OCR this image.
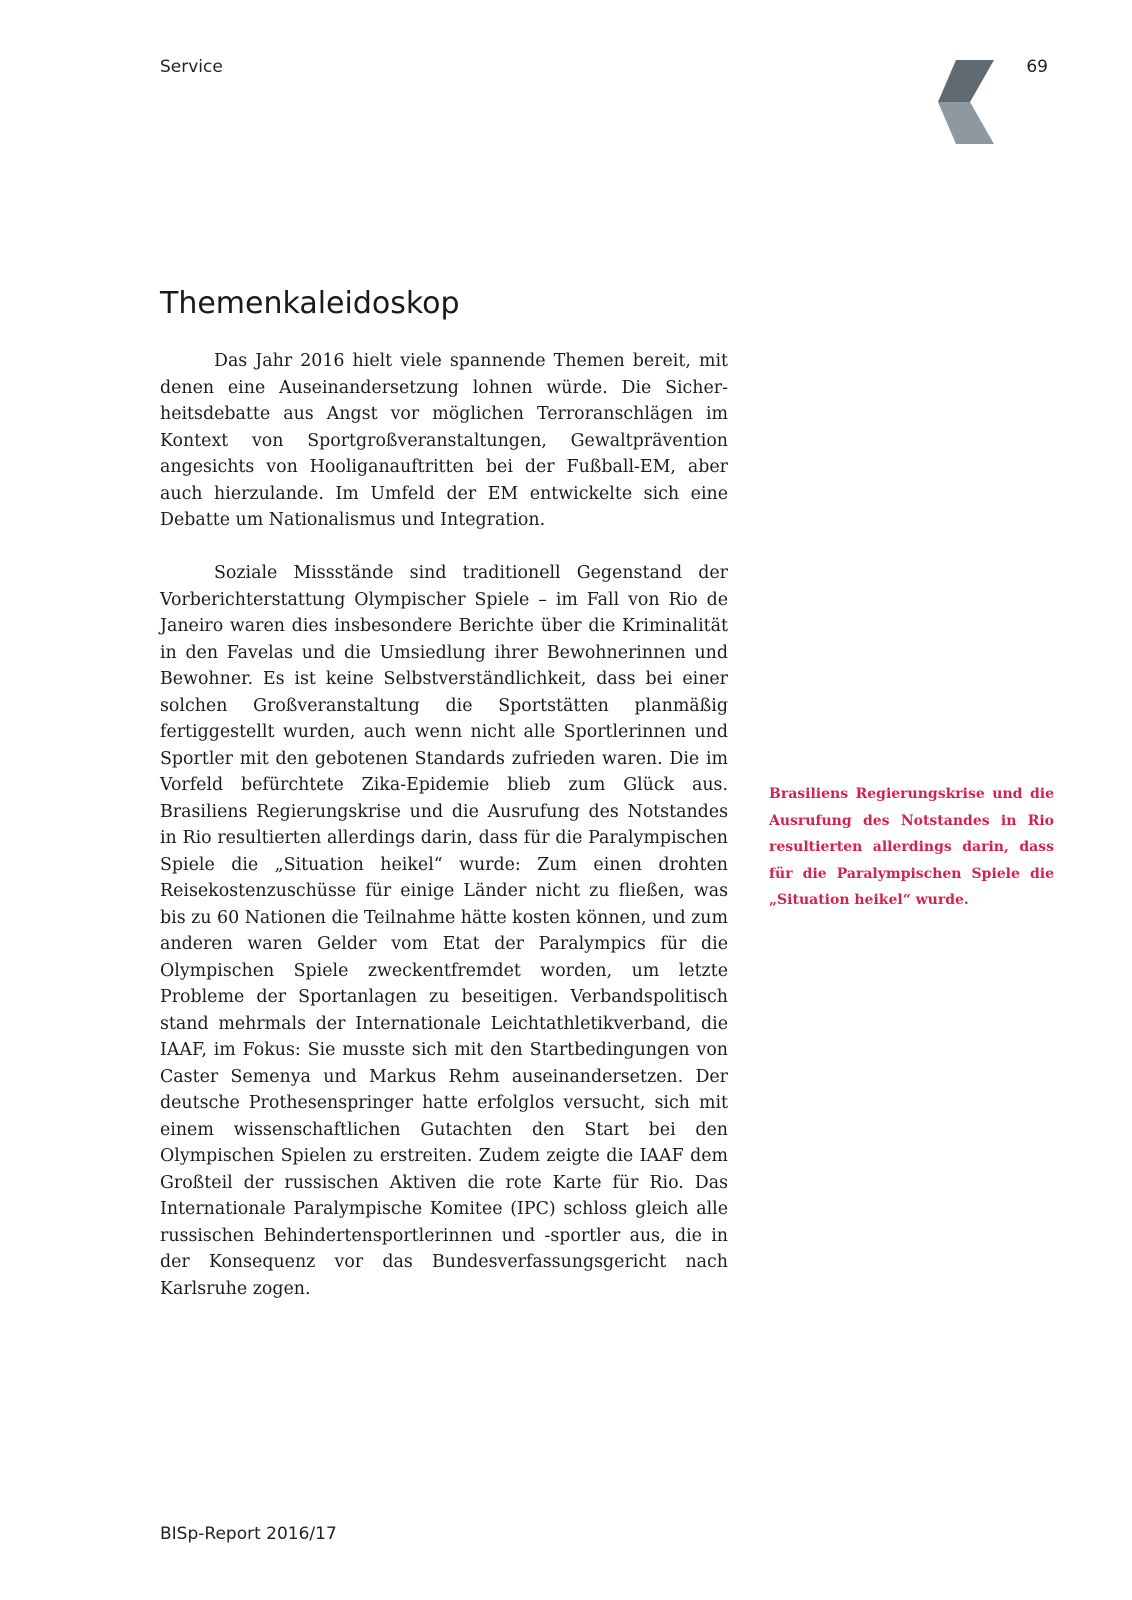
Service	69
Themenkaleidoskop

Das Jahr 2016 hielt viele spannende Themen bereit, mit denen eine Auseinandersetzung lohnen würde. Die Sicherheitsdebatte aus Angst vor möglichen Terroranschlägen im Kontext von Sportgroßveranstaltungen, Gewaltprävention angesichts von Hooliganauftritten bei der Fußball-EM, aber auch hierzulande. Im Umfeld der EM entwickelte sich eine Debatte um Nationalismus und Integration.

Soziale Missstände sind traditionell Gegenstand der Vorberichterstattung Olympischer Spiele – im Fall von Rio de Janeiro waren dies insbesondere Berichte über die Kriminalität in den Favelas und die Umsiedlung ihrer Bewohnerinnen und Bewohner. Es ist keine Selbstverständlichkeit, dass bei einer solchen Großveranstaltung die Sportstätten planmäßig fertiggestellt wurden, auch wenn nicht alle Sportlerinnen und Sportler mit den gebotenen Standards zufrieden waren. Die im Vorfeld befürchtete Zika-Epidemie blieb zum Glück aus. Brasiliens Regierungskrise und die Ausrufung des Notstandes in Rio resultierten allerdings darin, dass für die Paralympischen Spiele die „Situation heikel“ wurde: Zum einen drohten Reisekostenzuschüsse für einige Länder nicht zu fließen, was bis zu 60 Nationen die Teilnahme hätte kosten können, und zum anderen waren Gelder vom Etat der Paralympics für die Olympischen Spiele zweckentfremdet worden, um letzte Probleme der Sportanlagen zu beseitigen. Verbandspolitisch stand mehrmals der Internationale Leichtathletikverband, die IAAF, im Fokus: Sie musste sich mit den Startbedingungen von Caster Semenya und Markus Rehm auseinandersetzen. Der deutsche Prothesenspringer hatte erfolglos versucht, sich mit einem wissenschaftlichen Gutachten den Start bei den Olympischen Spielen zu erstreiten. Zudem zeigte die IAAF dem Großteil der russischen Aktiven die rote Karte für Rio. Das Internationale Paralympische Komitee (IPC) schloss gleich alle russischen Behindertensportlerinnen und -sportler aus, die in der Konsequenz vor das Bundesverfassungsgericht nach Karlsruhe zogen.

Brasiliens Regierungskrise und die Ausrufung des Notstandes in Rio resultierten allerdings darin, dass für die Paralympischen Spiele die „Situation heikel“ wurde.
BISp-Report 2016/17
